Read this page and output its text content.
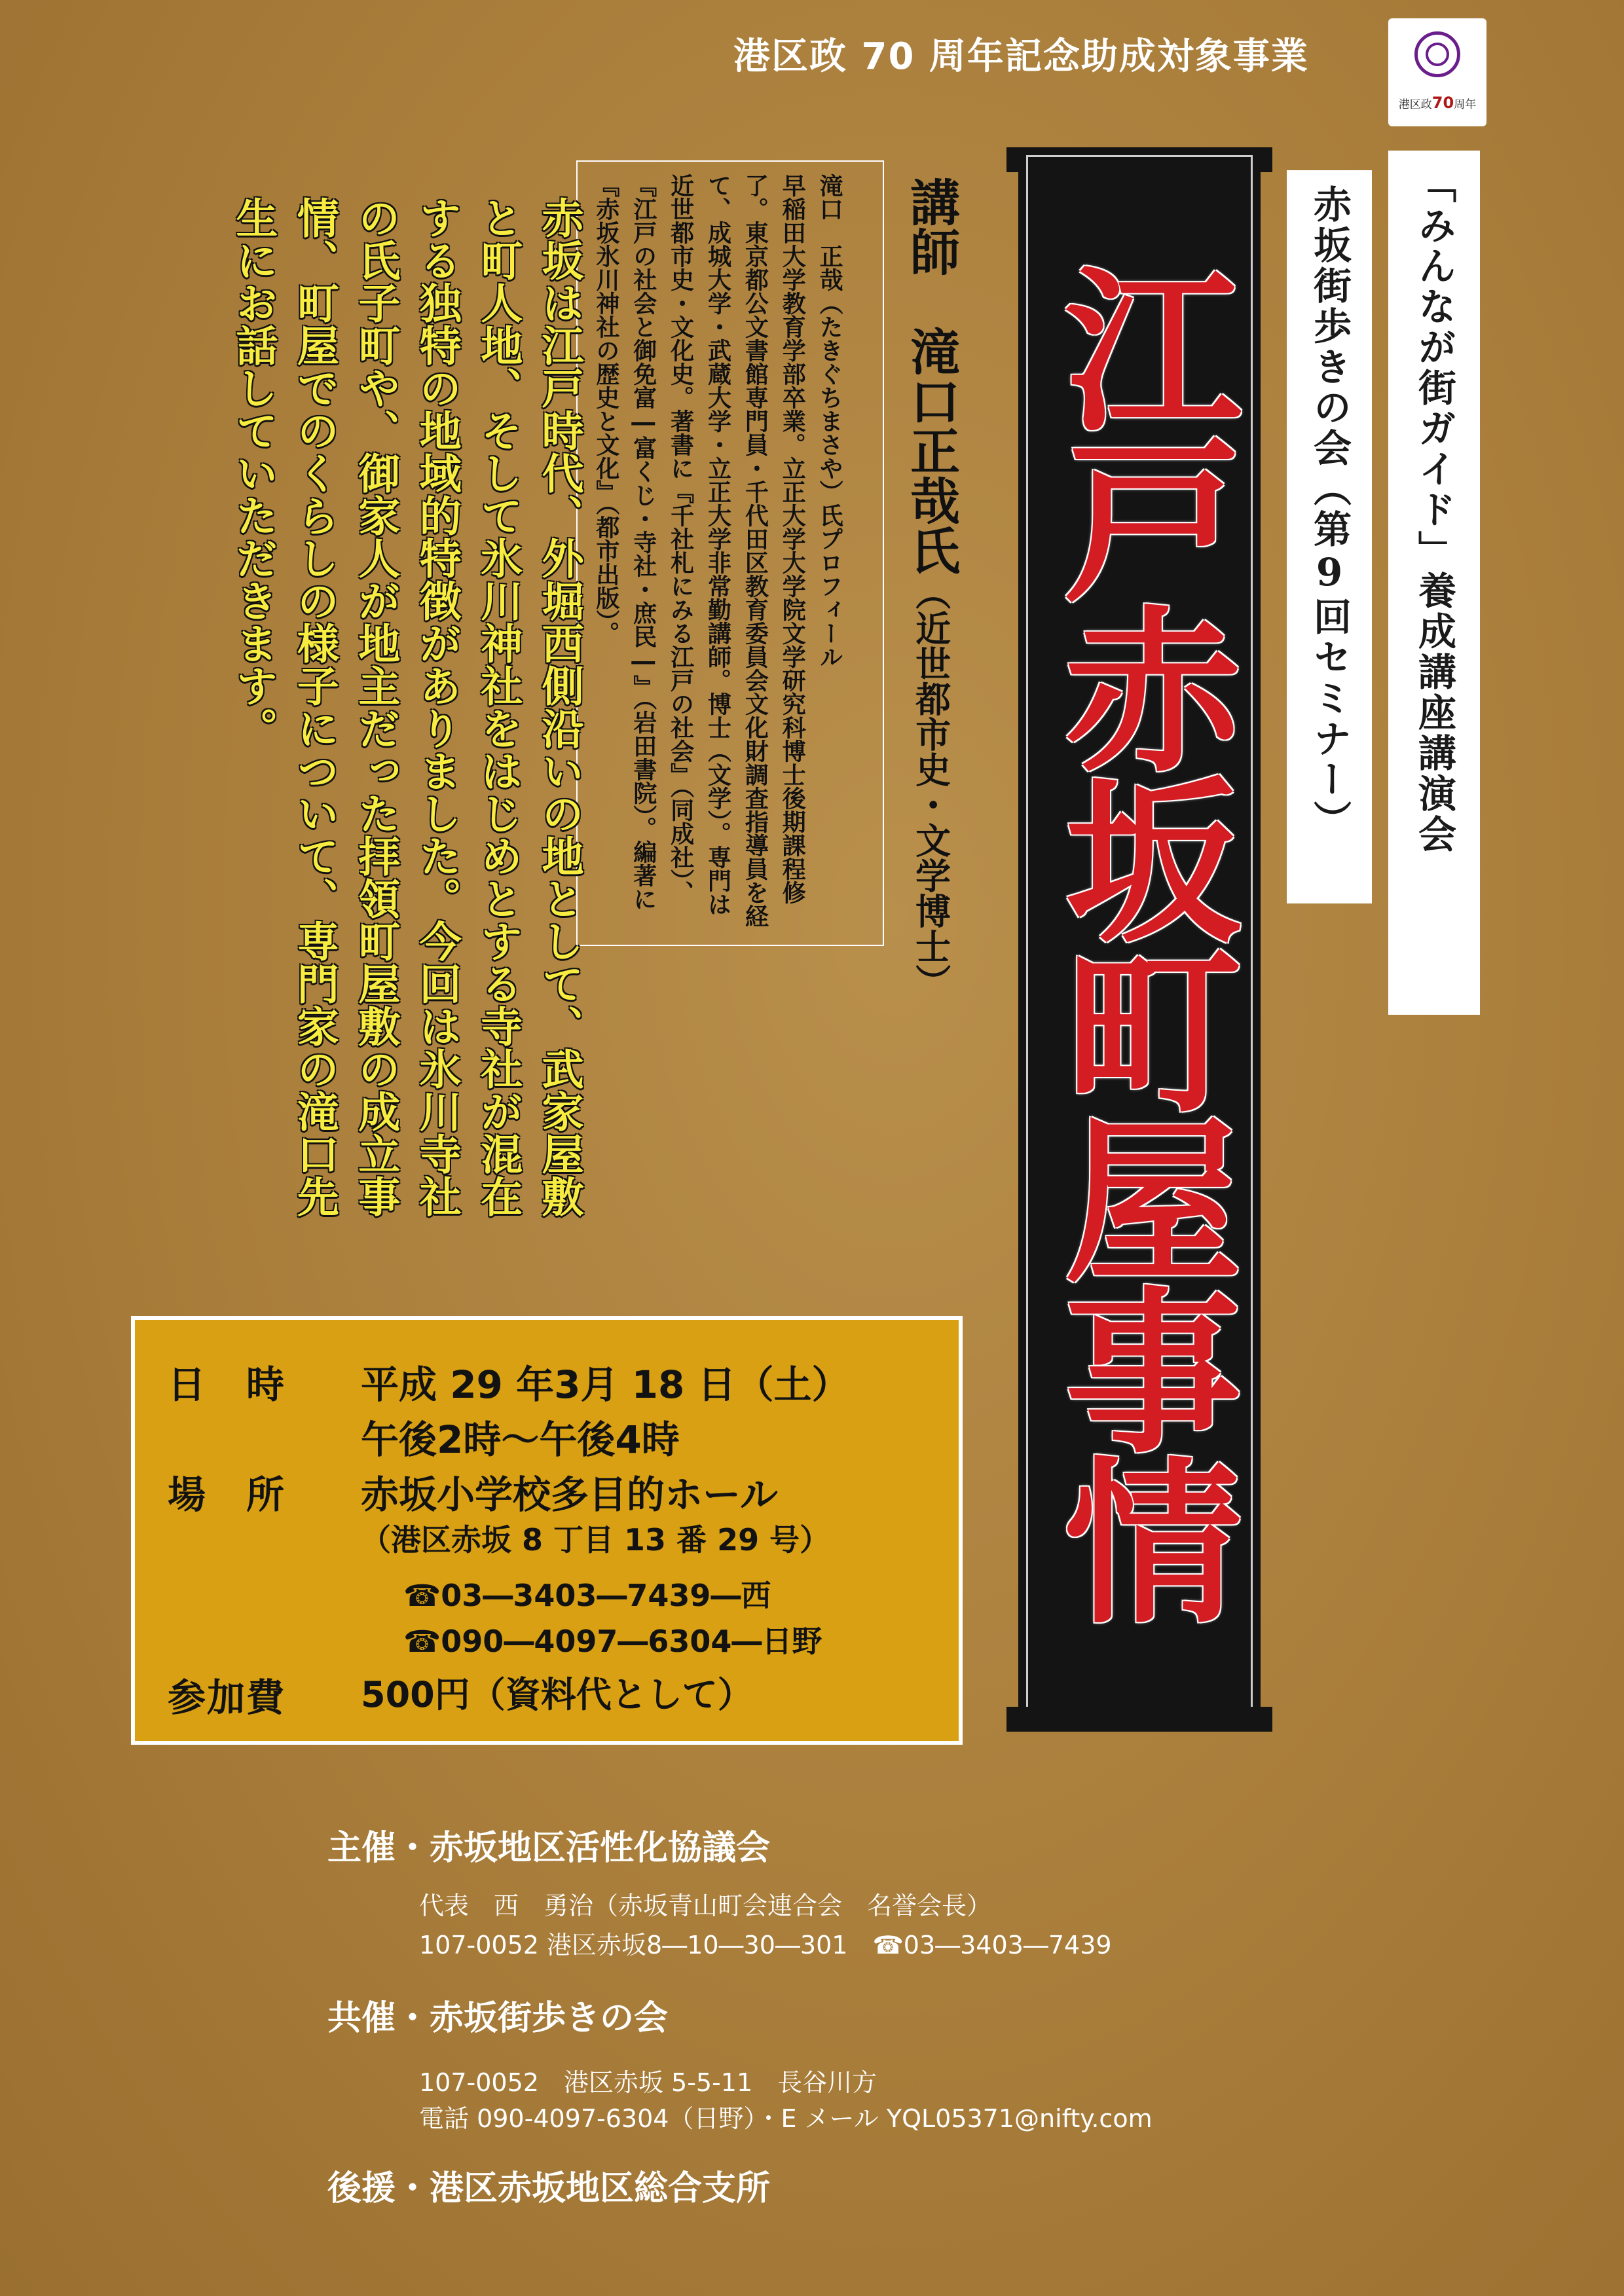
港区政 70 周年記念助成対象事業
港区政70周年
「みんなが街ガイド」養成講座講演会
赤坂街歩きの会（第9回セミナー）
江戸赤坂町屋事情
講師　滝口正哉氏（近世都市史・文学博士）
滝口　正哉（たきぐちまさや）氏プロフィール
早稲田大学教育学部卒業。立正大学大学院文学研究科博士後期課程修了。東京都公文書館専門員・千代田区教育委員会文化財調査指導員を経て、成城大学・武蔵大学・立正大学非常勤講師。博士（文学）。専門は近世都市史・文化史。著書に『千社札にみる江戸の社会』（同成社）、『江戸の社会と御免富―富くじ・寺社・庶民―』（岩田書院）。編著に『赤坂氷川神社の歴史と文化』（都市出版）。
赤坂は江戸時代、外堀西側沿いの地として、武家屋敷と町人地、そして氷川神社をはじめとする寺社が混在する独特の地域的特徴がありました。今回は氷川寺社の氏子町や、御家人が地主だった拝領町屋敷の成立事情、町屋でのくらしの様子について、専門家の滝口先生にお話していただきます。
日　時 平成 29 年3月 18 日（土）
午後2時～午後4時
場　所 赤坂小学校多目的ホール
（港区赤坂 8 丁目 13 番 29 号）
☎03―3403―7439―西
☎090―4097―6304―日野
参加費 500円（資料代として）
主催・赤坂地区活性化協議会
代表　西　勇治（赤坂青山町会連合会　名誉会長）
107-0052 港区赤坂8―10―30―301　☎03―3403―7439
共催・赤坂街歩きの会
107-0052　港区赤坂 5-5-11　長谷川方
電話 090-4097-6304（日野）・E メール YQL05371@nifty.com
後援・港区赤坂地区総合支所
